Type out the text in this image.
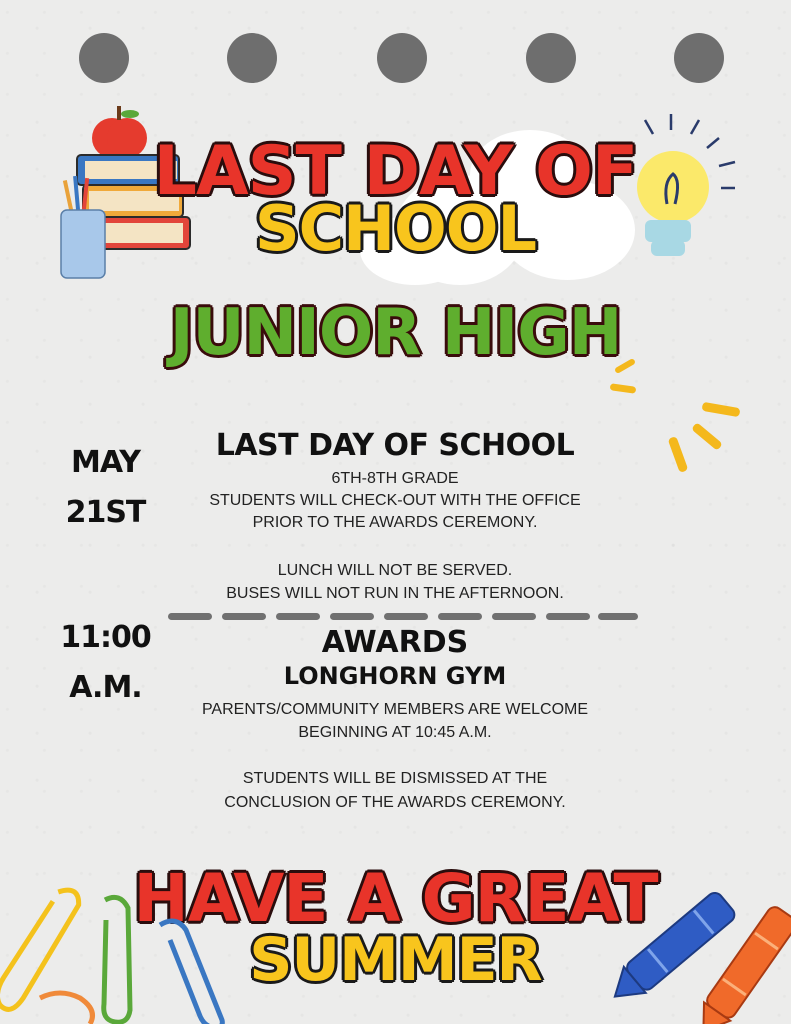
LAST DAY OF
SCHOOL
JUNIOR HIGH
MAY
21ST
LAST DAY OF SCHOOL
6TH-8TH GRADE
STUDENTS WILL CHECK-OUT WITH THE OFFICE
PRIOR TO THE AWARDS CEREMONY.
LUNCH WILL NOT BE SERVED.
BUSES WILL NOT RUN IN THE AFTERNOON.
11:00
A.M.
AWARDS
LONGHORN GYM
PARENTS/COMMUNITY MEMBERS ARE WELCOME
BEGINNING AT 10:45 A.M.
STUDENTS WILL BE DISMISSED AT THE
CONCLUSION OF THE AWARDS CEREMONY.
HAVE A GREAT
SUMMER
